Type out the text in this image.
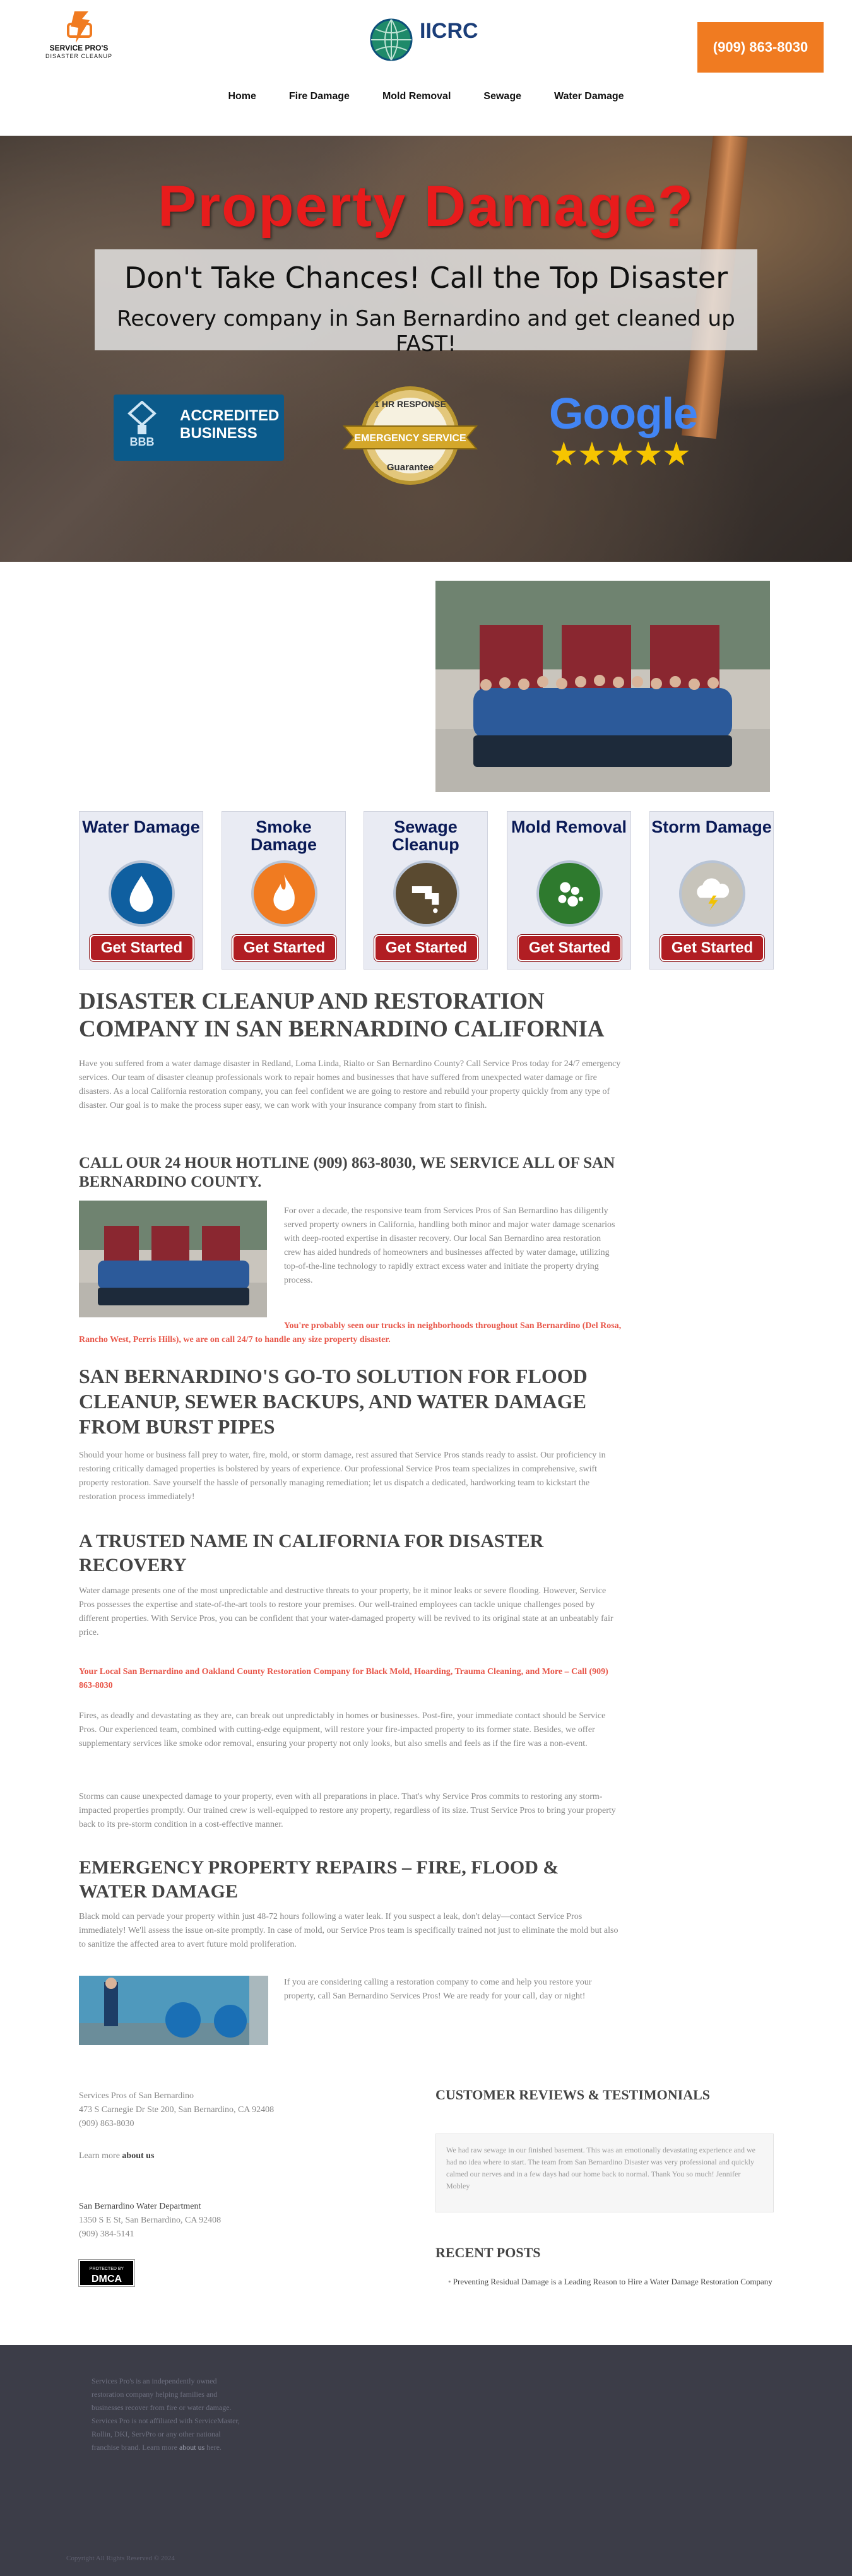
SERVICE PRO'S
DISASTER CLEANUP
IICRC
(909) 863-8030
Home	Fire Damage	Mold Removal	Sewage	Water Damage
Property Damage?
Don't Take Chances! Call the Top Disaster
Recovery company in San Bernardino and get cleaned up FAST!
BBB
ACCREDITED BUSINESS
1 HR RESPONSE
EMERGENCY SERVICE
Guarantee
Google
★★★★★
Water Damage
Get Started
Smoke Damage
Get Started
Sewage Cleanup
Get Started
Mold Removal
Get Started
Storm Damage
Get Started
DISASTER CLEANUP AND RESTORATION COMPANY IN SAN BERNARDINO CALIFORNIA

Have you suffered from a water damage disaster in Redland, Loma Linda, Rialto or San Bernardino County? Call Service Pros today for 24/7 emergency services. Our team of disaster cleanup professionals work to repair homes and businesses that have suffered from unexpected water damage or fire disasters. As a local California restoration company, you can feel confident we are going to restore and rebuild your property quickly from any type of disaster. Our goal is to make the process super easy, we can work with your insurance company from start to finish.

CALL OUR 24 HOUR HOTLINE (909) 863-8030, WE SERVICE ALL OF SAN BERNARDINO COUNTY.

For over a decade, the responsive team from Services Pros of San Bernardino has diligently served property owners in California, handling both minor and major water damage scenarios with deep-rooted expertise in disaster recovery. Our local San Bernardino area restoration crew has aided hundreds of homeowners and businesses affected by water damage, utilizing top-of-the-line technology to rapidly extract excess water and initiate the property drying process.

You're probably seen our trucks in neighborhoods throughout San Bernardino (Del Rosa, Rancho West, Perris Hills), we are on call 24/7 to handle any size property disaster.

SAN BERNARDINO'S GO-TO SOLUTION FOR FLOOD CLEANUP, SEWER BACKUPS, AND WATER DAMAGE FROM BURST PIPES

Should your home or business fall prey to water, fire, mold, or storm damage, rest assured that Service Pros stands ready to assist. Our proficiency in restoring critically damaged properties is bolstered by years of experience. Our professional Service Pros team specializes in comprehensive, swift property restoration. Save yourself the hassle of personally managing remediation; let us dispatch a dedicated, hardworking team to kickstart the restoration process immediately!

A TRUSTED NAME IN CALIFORNIA FOR DISASTER RECOVERY

Water damage presents one of the most unpredictable and destructive threats to your property, be it minor leaks or severe flooding. However, Service Pros possesses the expertise and state-of-the-art tools to restore your premises. Our well-trained employees can tackle unique challenges posed by different properties. With Service Pros, you can be confident that your water-damaged property will be revived to its original state at an unbeatably fair price.

Your Local San Bernardino and Oakland County Restoration Company for Black Mold, Hoarding, Trauma Cleaning, and More – Call (909) 863-8030

Fires, as deadly and devastating as they are, can break out unpredictably in homes or businesses. Post-fire, your immediate contact should be Service Pros. Our experienced team, combined with cutting-edge equipment, will restore your fire-impacted property to its former state. Besides, we offer supplementary services like smoke odor removal, ensuring your property not only looks, but also smells and feels as if the fire was a non-event.

Storms can cause unexpected damage to your property, even with all preparations in place. That's why Service Pros commits to restoring any storm-impacted properties promptly. Our trained crew is well-equipped to restore any property, regardless of its size. Trust Service Pros to bring your property back to its pre-storm condition in a cost-effective manner.

EMERGENCY PROPERTY REPAIRS – FIRE, FLOOD & WATER DAMAGE

Black mold can pervade your property within just 48-72 hours following a water leak. If you suspect a leak, don't delay—contact Service Pros immediately! We'll assess the issue on-site promptly. In case of mold, our Service Pros team is specifically trained not just to eliminate the mold but also to sanitize the affected area to avert future mold proliferation.

If you are considering calling a restoration company to come and help you restore your property, call San Bernardino Services Pros! We are ready for your call, day or night!

Services Pros of San Bernardino
473 S Carnegie Dr Ste 200, San Bernardino, CA 92408
(909) 863-8030
Learn more about us
San Bernardino Water Department
1350 S E St, San Bernardino, CA 92408
(909) 384-5141
PROTECTED BY
DMCA
CUSTOMER REVIEWS & TESTIMONIALS

We had raw sewage in our finished basement. This was an emotionally devastating experience and we had no idea where to start. The team from San Bernardino Disaster was very professional and quickly calmed our nerves and in a few days had our home back to normal. Thank You so much! Jennifer Mobley

RECENT POSTS
• Preventing Residual Damage is a Leading Reason to Hire a Water Damage Restoration Company
Services Pro's is an independently owned restoration company helping families and businesses recover from fire or water damage. Services Pro is not affiliated with ServiceMaster, Rollin, DKI, ServPro or any other national franchise brand. Learn more about us here.
Copyright All Rights Reserved © 2024
